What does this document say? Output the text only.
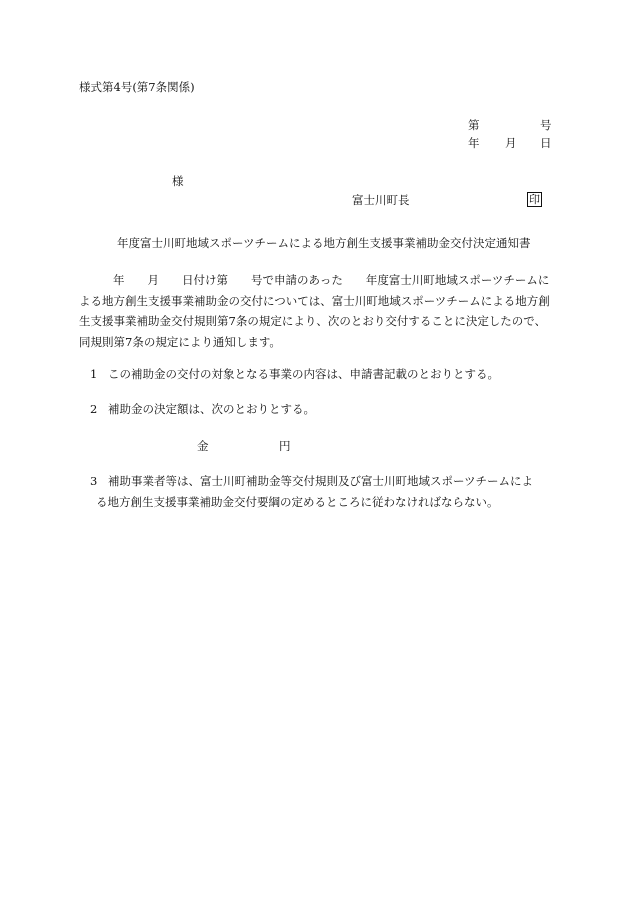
様式第4号(第7条関係)
第	号
年 月 日
様
富士川町長	印
年度富士川町地域スポーツチームによる地方創生支援事業補助金交付決定通知書
年　　月　　日付け第　　号で申請のあった　　年度富士川町地域スポーツチームによる地方創生支援事業補助金の交付については、富士川町地域スポーツチームによる地方創生支援事業補助金交付規則第7条の規定により、次のとおり交付することに決定したので、同規則第7条の規定により通知します。
1 この補助金の交付の対象となる事業の内容は、申請書記載のとおりとする。
2 補助金の決定額は、次のとおりとする。
金	円
3 補助事業者等は、富士川町補助金等交付規則及び富士川町地域スポーツチームによ
る地方創生支援事業補助金交付要綱の定めるところに従わなければならない。
